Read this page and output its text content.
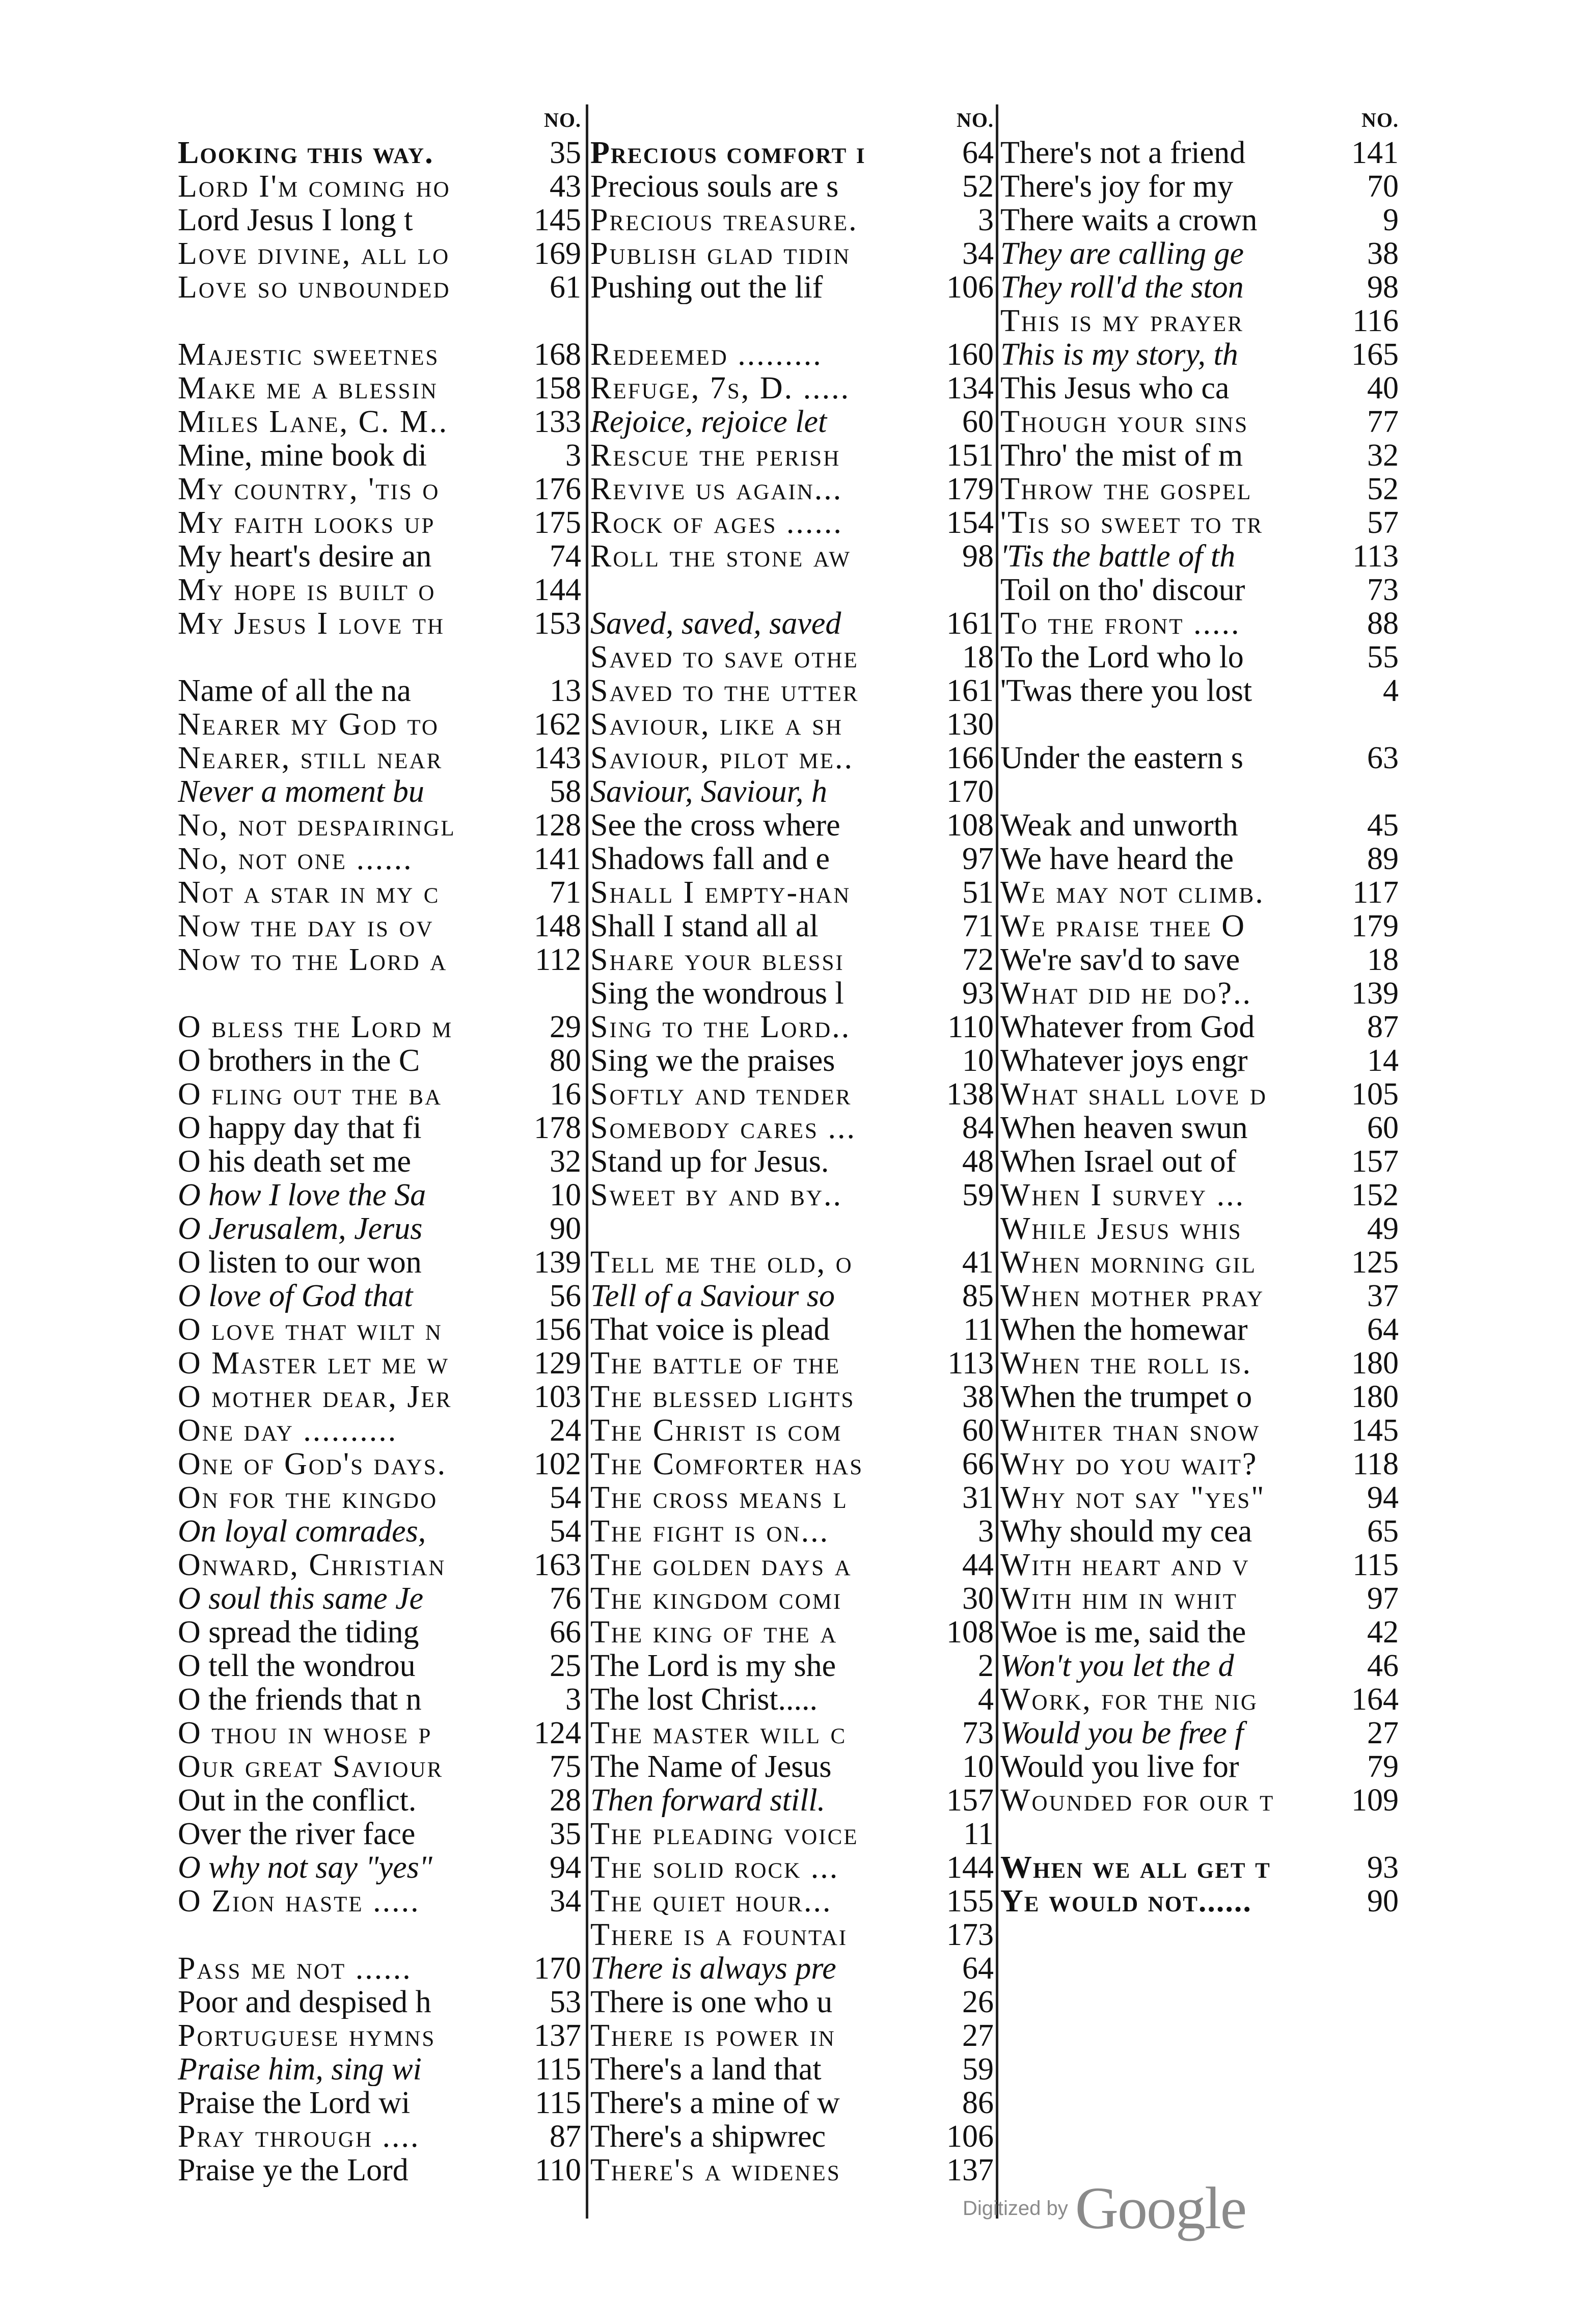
NO.
Looking this way.	35
Lord I'm coming ho	43
Lord Jesus I long t	145
Love divine, all lo	169
Love so unbounded	61
Majestic sweetnes	168
Make me a blessin	158
Miles Lane, C. M..	133
Mine, mine book di	3
My country, 'tis o	176
My faith looks up	175
My heart's desire an	74
My hope is built o	144
My Jesus I love th	153
Name of all the na	13
Nearer my God to	162
Nearer, still near	143
Never a moment bu	58
No, not despairingl	128
No, not one ......	141
Not a star in my c	71
Now the day is ov	148
Now to the Lord a	112
O bless the Lord m	29
O brothers in the C	80
O fling out the ba	16
O happy day that fi	178
O his death set me	32
O how I love the Sa	10
O Jerusalem, Jerus	90
O listen to our won	139
O love of God that	56
O love that wilt n	156
O Master let me w	129
O mother dear, Jer	103
One day ..........	24
One of God's days.	102
On for the kingdo	54
On loyal comrades,	54
Onward, Christian	163
O soul this same Je	76
O spread the tiding	66
O tell the wondrou	25
O the friends that n	3
O thou in whose p	124
Our great Saviour	75
Out in the conflict.	28
Over the river face	35
O why not say "yes"	94
O Zion haste .....	34
Pass me not ......	170
Poor and despised h	53
Portuguese hymns	137
Praise him, sing wi	115
Praise the Lord wi	115
Pray through ....	87
Praise ye the Lord	110
NO.
Precious comfort i	64
Precious souls are s	52
Precious treasure.	3
Publish glad tidin	34
Pushing out the lif	106
Redeemed .........	160
Refuge, 7s, D. .....	134
Rejoice, rejoice let	60
Rescue the perish	151
Revive us again...	179
Rock of ages ......	154
Roll the stone aw	98
Saved, saved, saved	161
Saved to save othe	18
Saved to the utter	161
Saviour, like a sh	130
Saviour, pilot me..	166
Saviour, Saviour, h	170
See the cross where	108
Shadows fall and e	97
Shall I empty-han	51
Shall I stand all al	71
Share your blessi	72
Sing the wondrous l	93
Sing to the Lord..	110
Sing we the praises	10
Softly and tender	138
Somebody cares ...	84
Stand up for Jesus.	48
Sweet by and by..	59
Tell me the old, o	41
Tell of a Saviour so	85
That voice is plead	11
The battle of the	113
The blessed lights	38
The Christ is com	60
The Comforter has	66
The cross means l	31
The fight is on...	3
The golden days a	44
The kingdom comi	30
The king of the a	108
The Lord is my she	2
The lost Christ.....	4
The master will c	73
The Name of Jesus	10
Then forward still.	157
The pleading voice	11
The solid rock ...	144
The quiet hour...	155
There is a fountai	173
There is always pre	64
There is one who u	26
There is power in	27
There's a land that	59
There's a mine of w	86
There's a shipwrec	106
There's a widenes	137
NO.
There's not a friend	141
There's joy for my	70
There waits a crown	9
They are calling ge	38
They roll'd the ston	98
This is my prayer	116
This is my story, th	165
This Jesus who ca	40
Though your sins	77
Thro' the mist of m	32
Throw the gospel	52
'Tis so sweet to tr	57
'Tis the battle of th	113
Toil on tho' discour	73
To the front .....	88
To the Lord who lo	55
'Twas there you lost	4
Under the eastern s	63
Weak and unworth	45
We have heard the	89
We may not climb.	117
We praise thee O	179
We're sav'd to save	18
What did he do?..	139
Whatever from God	87
Whatever joys engr	14
What shall love d	105
When heaven swun	60
When Israel out of	157
When I survey ...	152
While Jesus whis	49
When morning gil	125
When mother pray	37
When the homewar	64
When the roll is.	180
When the trumpet o	180
Whiter than snow	145
Why do you wait?	118
Why not say "yes"	94
Why should my cea	65
With heart and v	115
With him in whit	97
Woe is me, said the	42
Won't you let the d	46
Work, for the nig	164
Would you be free f	27
Would you live for	79
Wounded for our t	109
When we all get t	93
Ye would not......	90
Digitized by Google
